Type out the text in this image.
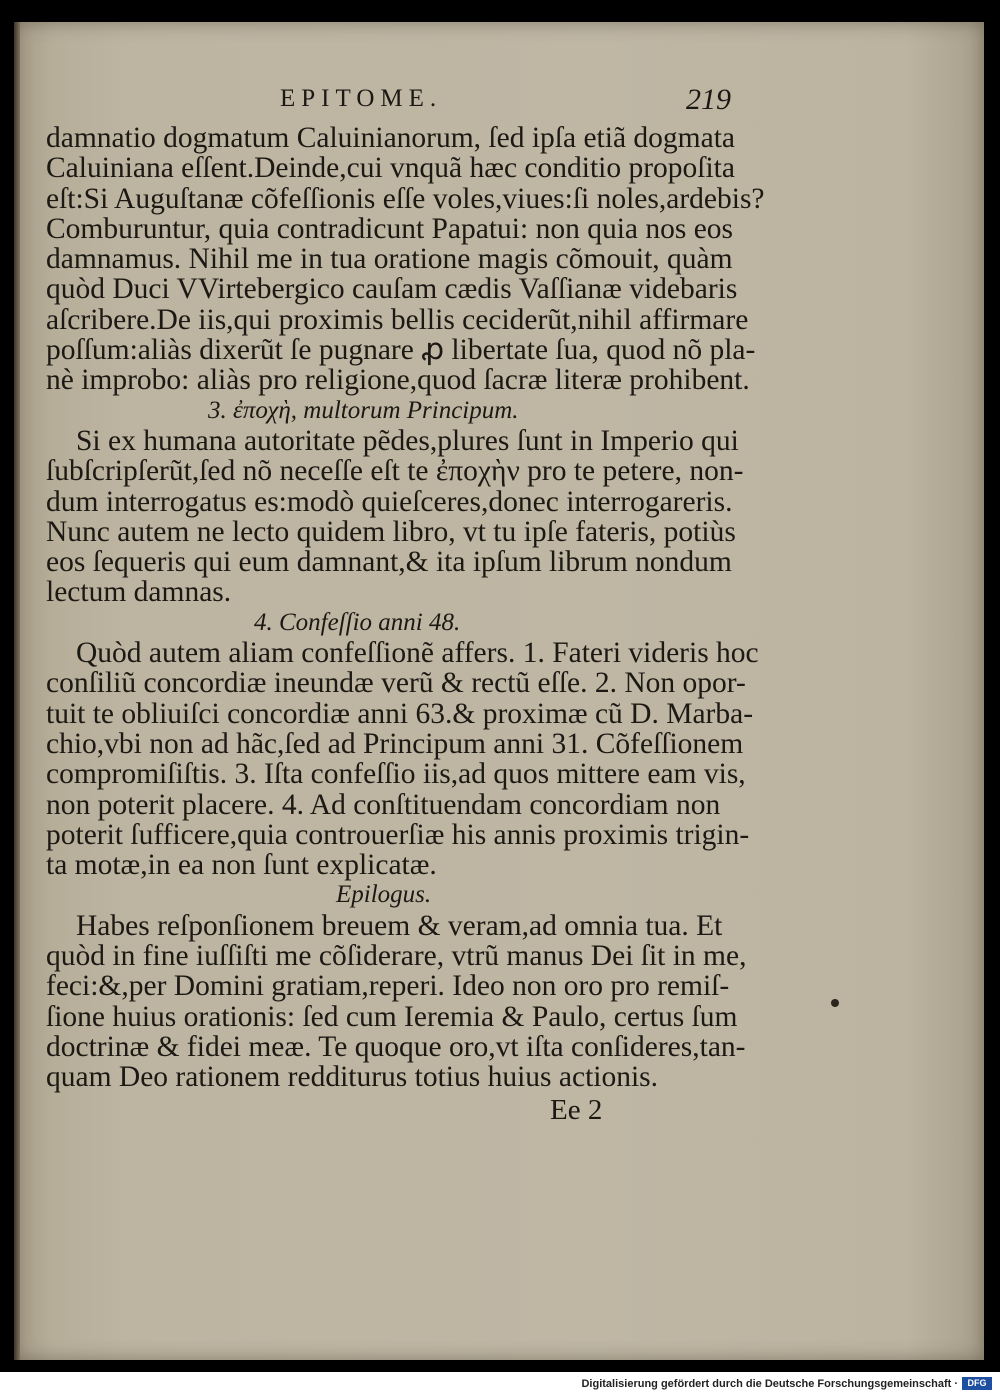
EPITOME.	219
damnatio dogmatum Caluinianorum, ſed ipſa etiã dogmata
Caluiniana eſſent.Deinde,cui vnquã hæc conditio propoſita
eſt:Si Auguſtanæ cõfeſſionis eſſe voles,viues:ſi noles,ardebis?
Comburuntur, quia contradicunt Papatui: non quia nos eos
damnamus. Nihil me in tua oratione magis cõmouit, quàm
quòd Duci VVirtebergico cauſam cædis Vaſſianæ videbaris
aſcribere.De iis,qui proximis bellis ceciderũt,nihil affirmare
poſſum:aliàs dixerũt ſe pugnare ꝓ libertate ſua, quod nõ pla-
nè improbo: aliàs pro religione,quod ſacræ literæ prohibent.
3. ἐποχὴ, multorum Principum.
Si ex humana autoritate pẽdes,plures ſunt in Imperio qui
ſubſcripſerũt,ſed nõ neceſſe eſt te ἐποχὴν pro te petere, non-
dum interrogatus es:modò quieſceres,donec interrogareris.
Nunc autem ne lecto quidem libro, vt tu ipſe fateris, potiùs
eos ſequeris qui eum damnant,& ita ipſum librum nondum
lectum damnas.
4. Confeſſio anni 48.
Quòd autem aliam confeſſionẽ affers. 1. Fateri videris hoc
conſiliũ concordiæ ineundæ verũ & rectũ eſſe. 2. Non opor-
tuit te obliuiſci concordiæ anni 63.& proximæ cũ D. Marba-
chio,vbi non ad hãc,ſed ad Principum anni 31. Cõfeſſionem
compromiſiſtis. 3. Iſta confeſſio iis,ad quos mittere eam vis,
non poterit placere. 4. Ad conſtituendam concordiam non
poterit ſufficere,quia controuerſiæ his annis proximis trigin-
ta motæ,in ea non ſunt explicatæ.
Epilogus.
Habes reſponſionem breuem & veram,ad omnia tua. Et
quòd in fine iuſſiſti me cõſiderare, vtrũ manus Dei ſit in me,
feci:&,per Domini gratiam,reperi. Ideo non oro pro remiſ-
ſione huius orationis: ſed cum Ieremia & Paulo, certus ſum
doctrinæ & fidei meæ. Te quoque oro,vt iſta conſideres,tan-
quam Deo rationem redditurus totius huius actionis.
Ee 2
Digitalisierung gefördert durch die Deutsche Forschungsgemeinschaft ·	DFG
